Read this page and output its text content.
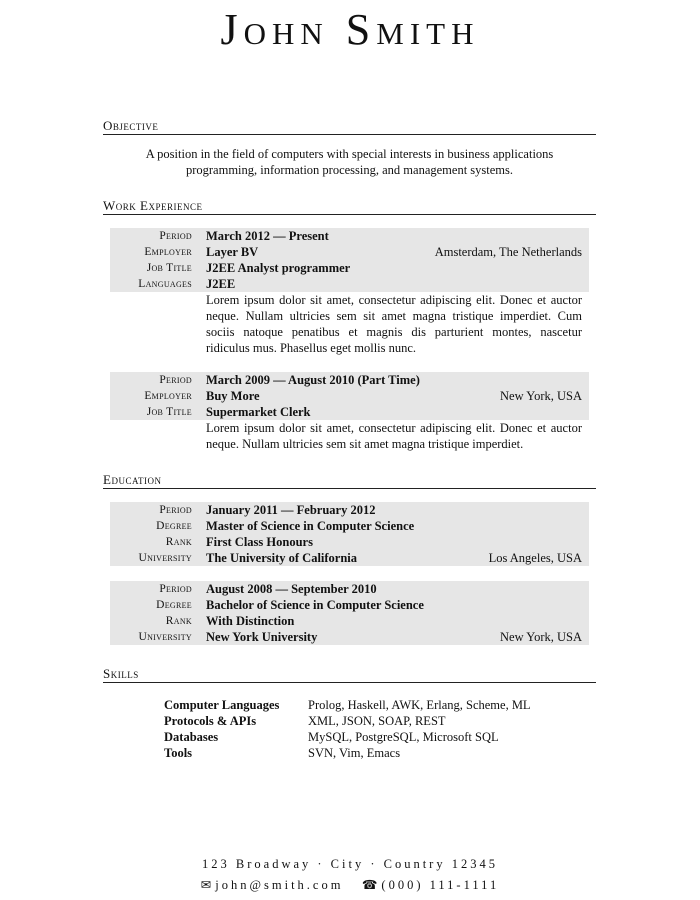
John Smith
Objective
A position in the field of computers with special interests in business applications programming, information processing, and management systems.
Work Experience
Period	March 2012 — Present
Employer	Layer BV	Amsterdam, The Netherlands
Job Title	J2EE Analyst programmer
Languages	J2EE
Lorem ipsum dolor sit amet, consectetur adipiscing elit. Donec et auctor neque. Nullam ultricies sem sit amet magna tristique imperdiet. Cum sociis natoque penatibus et magnis dis parturient montes, nascetur ridiculus mus. Phasellus eget mollis nunc.
Period	March 2009 — August 2010 (Part Time)
Employer	Buy More	New York, USA
Job Title	Supermarket Clerk
Lorem ipsum dolor sit amet, consectetur adipiscing elit. Donec et auctor neque. Nullam ultricies sem sit amet magna tristique imperdiet.
Education
Period	January 2011 — February 2012
Degree	Master of Science in Computer Science
Rank	First Class Honours
University	The University of California	Los Angeles, USA
Period	August 2008 — September 2010
Degree	Bachelor of Science in Computer Science
Rank	With Distinction
University	New York University	New York, USA
Skills
Computer Languages	Prolog, Haskell, AWK, Erlang, Scheme, ML
Protocols & APIs	XML, JSON, SOAP, REST
Databases	MySQL, PostgreSQL, Microsoft SQL
Tools	SVN, Vim, Emacs
123 Broadway · City · Country 12345
✉ john@smith.com ☎ (000) 111-1111
